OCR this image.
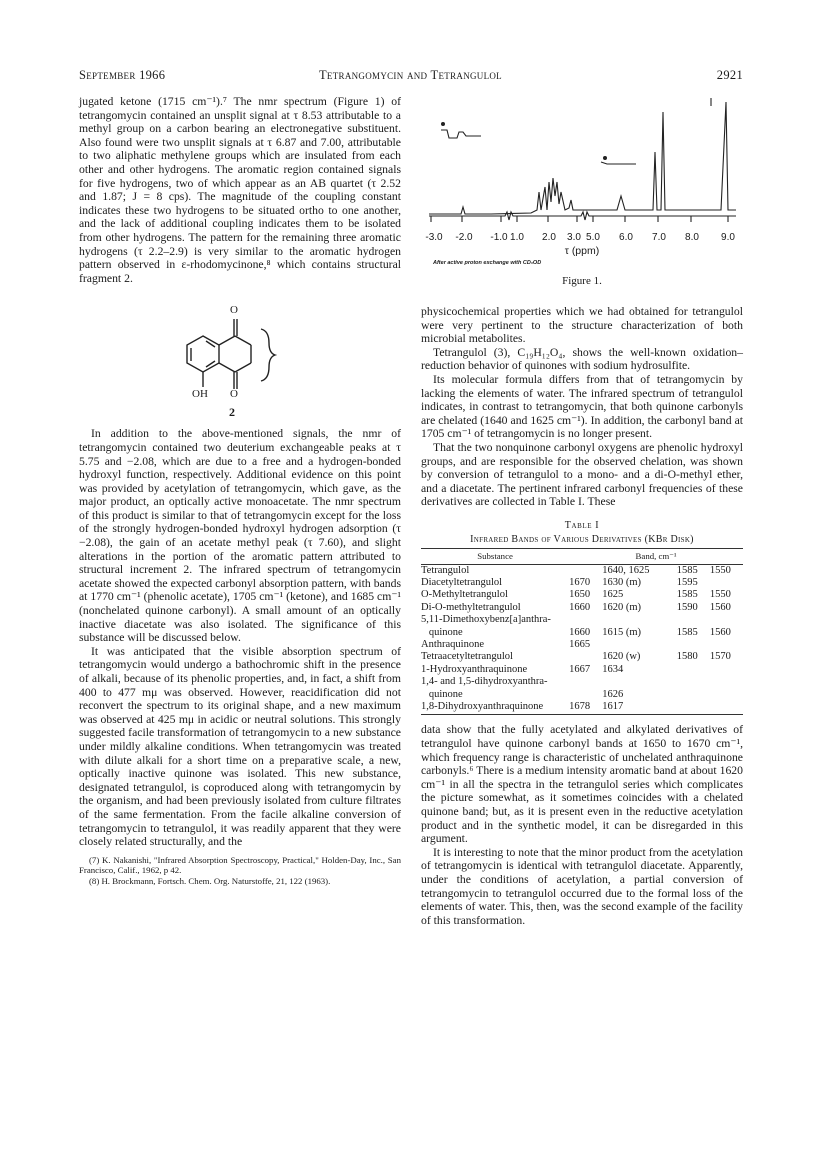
September 1966	Tetrangomycin and Tetrangulol	2921

jugated ketone (1715 cm⁻¹).⁷ The nmr spectrum (Figure 1) of tetrangomycin contained an unsplit signal at τ 8.53 attributable to a methyl group on a carbon bearing an electronegative substituent. Also found were two unsplit signals at τ 6.87 and 7.00, attributable to two aliphatic methylene groups which are insulated from each other and other hydrogens. The aromatic region contained signals for five hydrogens, two of which appear as an AB quartet (τ 2.52 and 1.87; J = 8 cps). The magnitude of the coupling constant indicates these two hydrogens to be situated ortho to one another, and the lack of additional coupling indicates them to be isolated from other hydrogens. The pattern for the remaining three aromatic hydrogens (τ 2.2–2.9) is very similar to the aromatic hydrogen pattern observed in ε-rhodomycinone,⁸ which contains structural fragment 2.

O
OH O
2

In addition to the above-mentioned signals, the nmr of tetrangomycin contained two deuterium exchangeable peaks at τ 5.75 and −2.08, which are due to a free and a hydrogen-bonded hydroxyl function, respectively. Additional evidence on this point was provided by acetylation of tetrangomycin, which gave, as the major product, an optically active monoacetate. The nmr spectrum of this product is similar to that of tetrangomycin except for the loss of the strongly hydrogen-bonded hydroxyl hydrogen adsorption (τ −2.08), the gain of an acetate methyl peak (τ 7.60), and slight alterations in the portion of the aromatic pattern attributed to structural increment 2. The infrared spectrum of tetrangomycin acetate showed the expected carbonyl absorption pattern, with bands at 1770 cm⁻¹ (phenolic acetate), 1705 cm⁻¹ (ketone), and 1685 cm⁻¹ (nonchelated quinone carbonyl). A small amount of an optically inactive diacetate was also isolated. The significance of this substance will be discussed below.

It was anticipated that the visible absorption spectrum of tetrangomycin would undergo a bathochromic shift in the presence of alkali, because of its phenolic properties, and, in fact, a shift from 400 to 477 mμ was observed. However, reacidification did not reconvert the spectrum to its original shape, and a new maximum was observed at 425 mμ in acidic or neutral solutions. This strongly suggested facile transformation of tetrangomycin to a new substance under mildly alkaline conditions. When tetrangomycin was treated with dilute alkali for a short time on a preparative scale, a new, optically inactive quinone was isolated. This new substance, designated tetrangulol, is coproduced along with tetrangomycin by the organism, and had been previously isolated from culture filtrates of the same fermentation. From the facile alkaline conversion of tetrangomycin to tetrangulol, it was readily apparent that they were closely related structurally, and the

(7) K. Nakanishi, "Infrared Absorption Spectroscopy, Practical," Holden-Day, Inc., San Francisco, Calif., 1962, p 42.
(8) H. Brockmann, Fortsch. Chem. Org. Naturstoffe, 21, 122 (1963).
-3.0 -2.0 -1.0 1.0 2.0 3.0 5.0 6.0 7.0 8.0 9.0
τ (ppm)
After active proton exchange with CD₃OD
Figure 1.

physicochemical properties which we had obtained for tetrangulol were very pertinent to the structure characterization of both microbial metabolites.

Tetrangulol (3), C₁₉H₁₂O₄, shows the well-known oxidation–reduction behavior of quinones with sodium hydrosulfite.

Its molecular formula differs from that of tetrangomycin by lacking the elements of water. The infrared spectrum of tetrangulol indicates, in contrast to tetrangomycin, that both quinone carbonyls are chelated (1640 and 1625 cm⁻¹). In addition, the carbonyl band at 1705 cm⁻¹ of tetrangomycin is no longer present.

That the two nonquinone carbonyl oxygens are phenolic hydroxyl groups, and are responsible for the observed chelation, was shown by conversion of tetrangulol to a mono- and a di-O-methyl ether, and a diacetate. The pertinent infrared carbonyl frequencies of these derivatives are collected in Table I. These

Table I
Infrared Bands of Various Derivatives (KBr Disk)
Substance	Band, cm⁻¹			
Tetrangulol		1640, 1625	1585	1550
Diacetyltetrangulol	1670	1630 (m)	1595	
O-Methyltetrangulol	1650	1625	1585	1550
Di-O-methyltetrangulol	1660	1620 (m)	1590	1560
5,11-Dimethoxybenz[a]anthra-				
quinone	1660	1615 (m)	1585	1560
Anthraquinone	1665			
Tetraacetyltetrangulol		1620 (w)	1580	1570
1-Hydroxyanthraquinone	1667	1634		
1,4- and 1,5-dihydroxyanthra-				
quinone		1626		
1,8-Dihydroxyanthraquinone	1678	1617		

data show that the fully acetylated and alkylated derivatives of tetrangulol have quinone carbonyl bands at 1650 to 1670 cm⁻¹, which frequency range is characteristic of unchelated anthraquinone carbonyls.⁶ There is a medium intensity aromatic band at about 1620 cm⁻¹ in all the spectra in the tetrangulol series which complicates the picture somewhat, as it sometimes coincides with a chelated quinone band; but, as it is present even in the reductive acetylation product and in the synthetic model, it can be disregarded in this argument.

It is interesting to note that the minor product from the acetylation of tetrangomycin is identical with tetrangulol diacetate. Apparently, under the conditions of acetylation, a partial conversion of tetrangomycin to tetrangulol occurred due to the formal loss of the elements of water. This, then, was the second example of the facility of this transformation.
